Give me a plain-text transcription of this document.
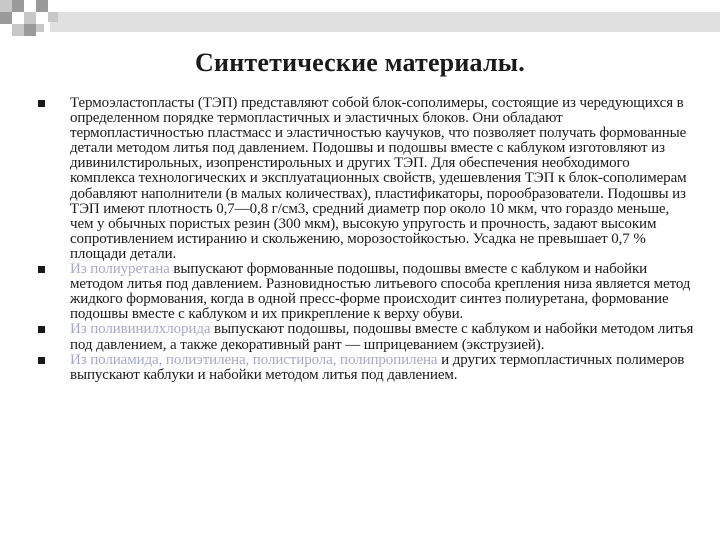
Синтетические материалы.

Термоэластопласты (ТЭП) представляют собой блок-сополимеры, состоящие из чередующихся в определенном порядке термопластичных и эластичных блоков. Они обладают термопластичностью пластмасс и эластичностью каучуков, что позволяет получать формованные детали методом литья под давлением. Подошвы и подошвы вместе с каблуком изготовляют из дивинилстирольных, изопренстирольных и других ТЭП. Для обеспечения необходимого комплекса технологических и эксплуатационных свойств, удешевления ТЭП к блок-сополимерам добавляют наполнители (в малых количествах), пластификаторы, порообразователи. Подошвы из ТЭП имеют плотность 0,7—0,8 г/см3, средний диаметр пор около 10 мкм, что гораздо меньше, чем у обычных пористых резин (300 мкм), высокую упругость и прочность, задают высоким сопротивлением истиранию и скольжению, морозостойкостью. Усадка не превышает 0,7 % площади детали.

Из полиуретана выпускают формованные подошвы, подошвы вместе с каблуком и набойки методом литья под давлением. Разновидностью литьевого способа крепления низа является метод жидкого формования, когда в одной пресс-форме происходит синтез полиуретана, формование подошвы вместе с каблуком и их прикрепление к верху обуви.

Из поливинилхлорида выпускают подошвы, подошвы вместе с каблуком и набойки методом литья под давлением, а также декоративный рант — шприцеванием (экструзией).

Из полиамида, полиэтилена, полистирола, полипропилена и других термопластичных полимеров выпускают каблуки и набойки методом литья под давлением.
